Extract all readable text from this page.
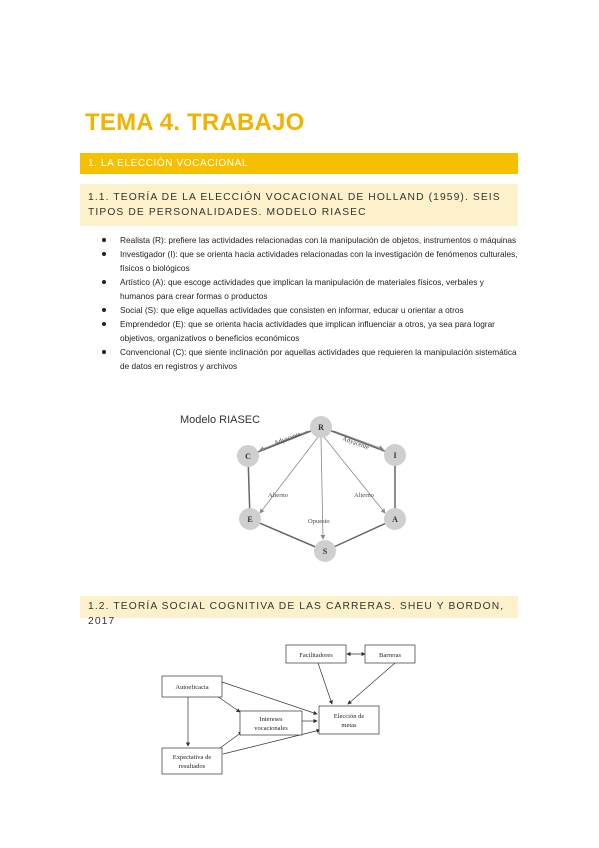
TEMA 4. TRABAJO
1. LA ELECCIÓN VOCACIONAL
1.1. TEORÍA DE LA ELECCIÓN VOCACIONAL DE HOLLAND (1959). SEIS TIPOS DE PERSONALIDADES. MODELO RIASEC
Realista (R): prefiere las actividades relacionadas con la manipulación de objetos, instrumentos o máquinas
Investigador (I): que se orienta hacia actividades relacionadas con la investigación de fenómenos culturales, físicos o biológicos
Artístico (A): que escoge actividades que implican la manipulación de materiales físicos, verbales y humanos para crear formas o productos
Social (S): que elige aquellas actividades que consisten en informar, educar u orientar a otros
Emprendedor (E): que se orienta hacia actividades que implican influenciar a otros, ya sea para lograr objetivos, organizativos o beneficios económicos
Convencional (C): que siente inclinación por aquellas actividades que requieren la manipulación sistemática de datos en registros y archivos
Modelo RIASEC
Adyacente	Adyacente
Alterno	Alterno
Opuesto
R
I
A
S
E
C
1.2. TEORÍA SOCIAL COGNITIVA DE LAS CARRERAS. SHEU Y BORDON, 2017
Facilitadores	Barreras
Autoeficacia
Intereses
vocacionales
Elección de
metas
Expectativa de
resultados
